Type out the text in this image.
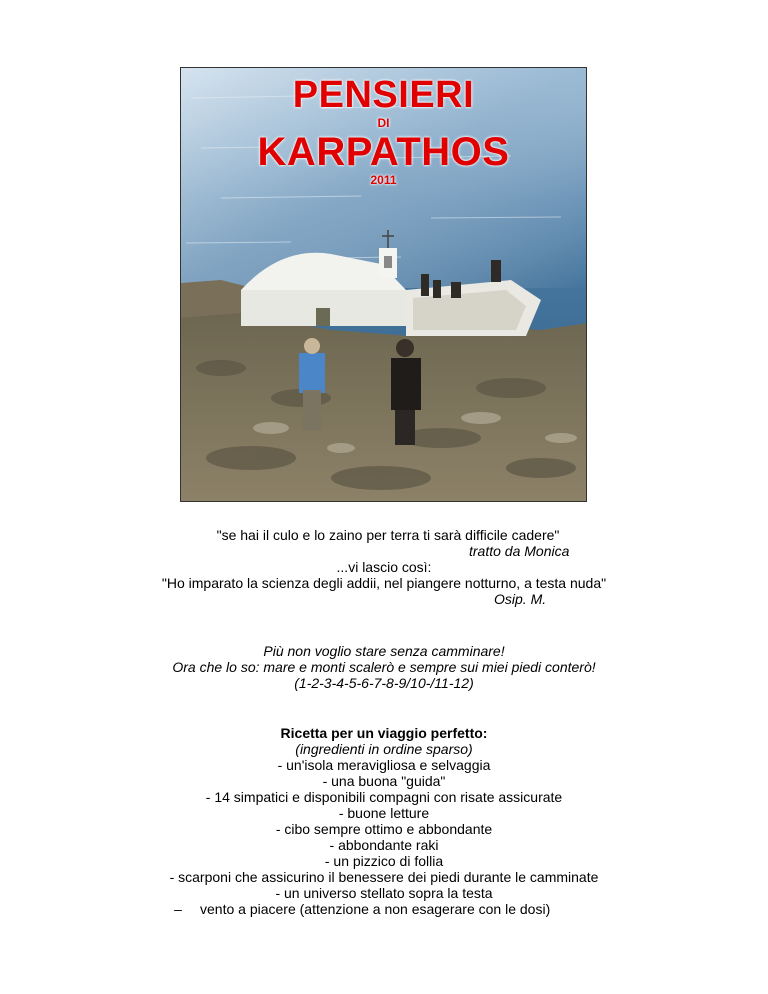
PENSIERI
DI
KARPATHOS
2011
"se hai il culo e lo zaino per terra ti sarà difficile cadere"
tratto da Monica
...vi lascio così:
"Ho imparato la scienza degli addii, nel piangere notturno, a testa nuda"
Osip. M.
Più non voglio stare senza camminare!
Ora che lo so: mare e monti scalerò e sempre sui miei piedi conterò!
(1-2-3-4-5-6-7-8-9/10-/11-12)
Ricetta per un viaggio perfetto:
(ingredienti in ordine sparso)
- un'isola meravigliosa e selvaggia
- una buona "guida"
- 14 simpatici e disponibili compagni con risate assicurate
- buone letture
- cibo sempre ottimo e abbondante
- abbondante raki
- un pizzico di follia
- scarponi che assicurino il benessere dei piedi durante le camminate
- un universo stellato sopra la testa
– vento a piacere (attenzione a non esagerare con le dosi)
